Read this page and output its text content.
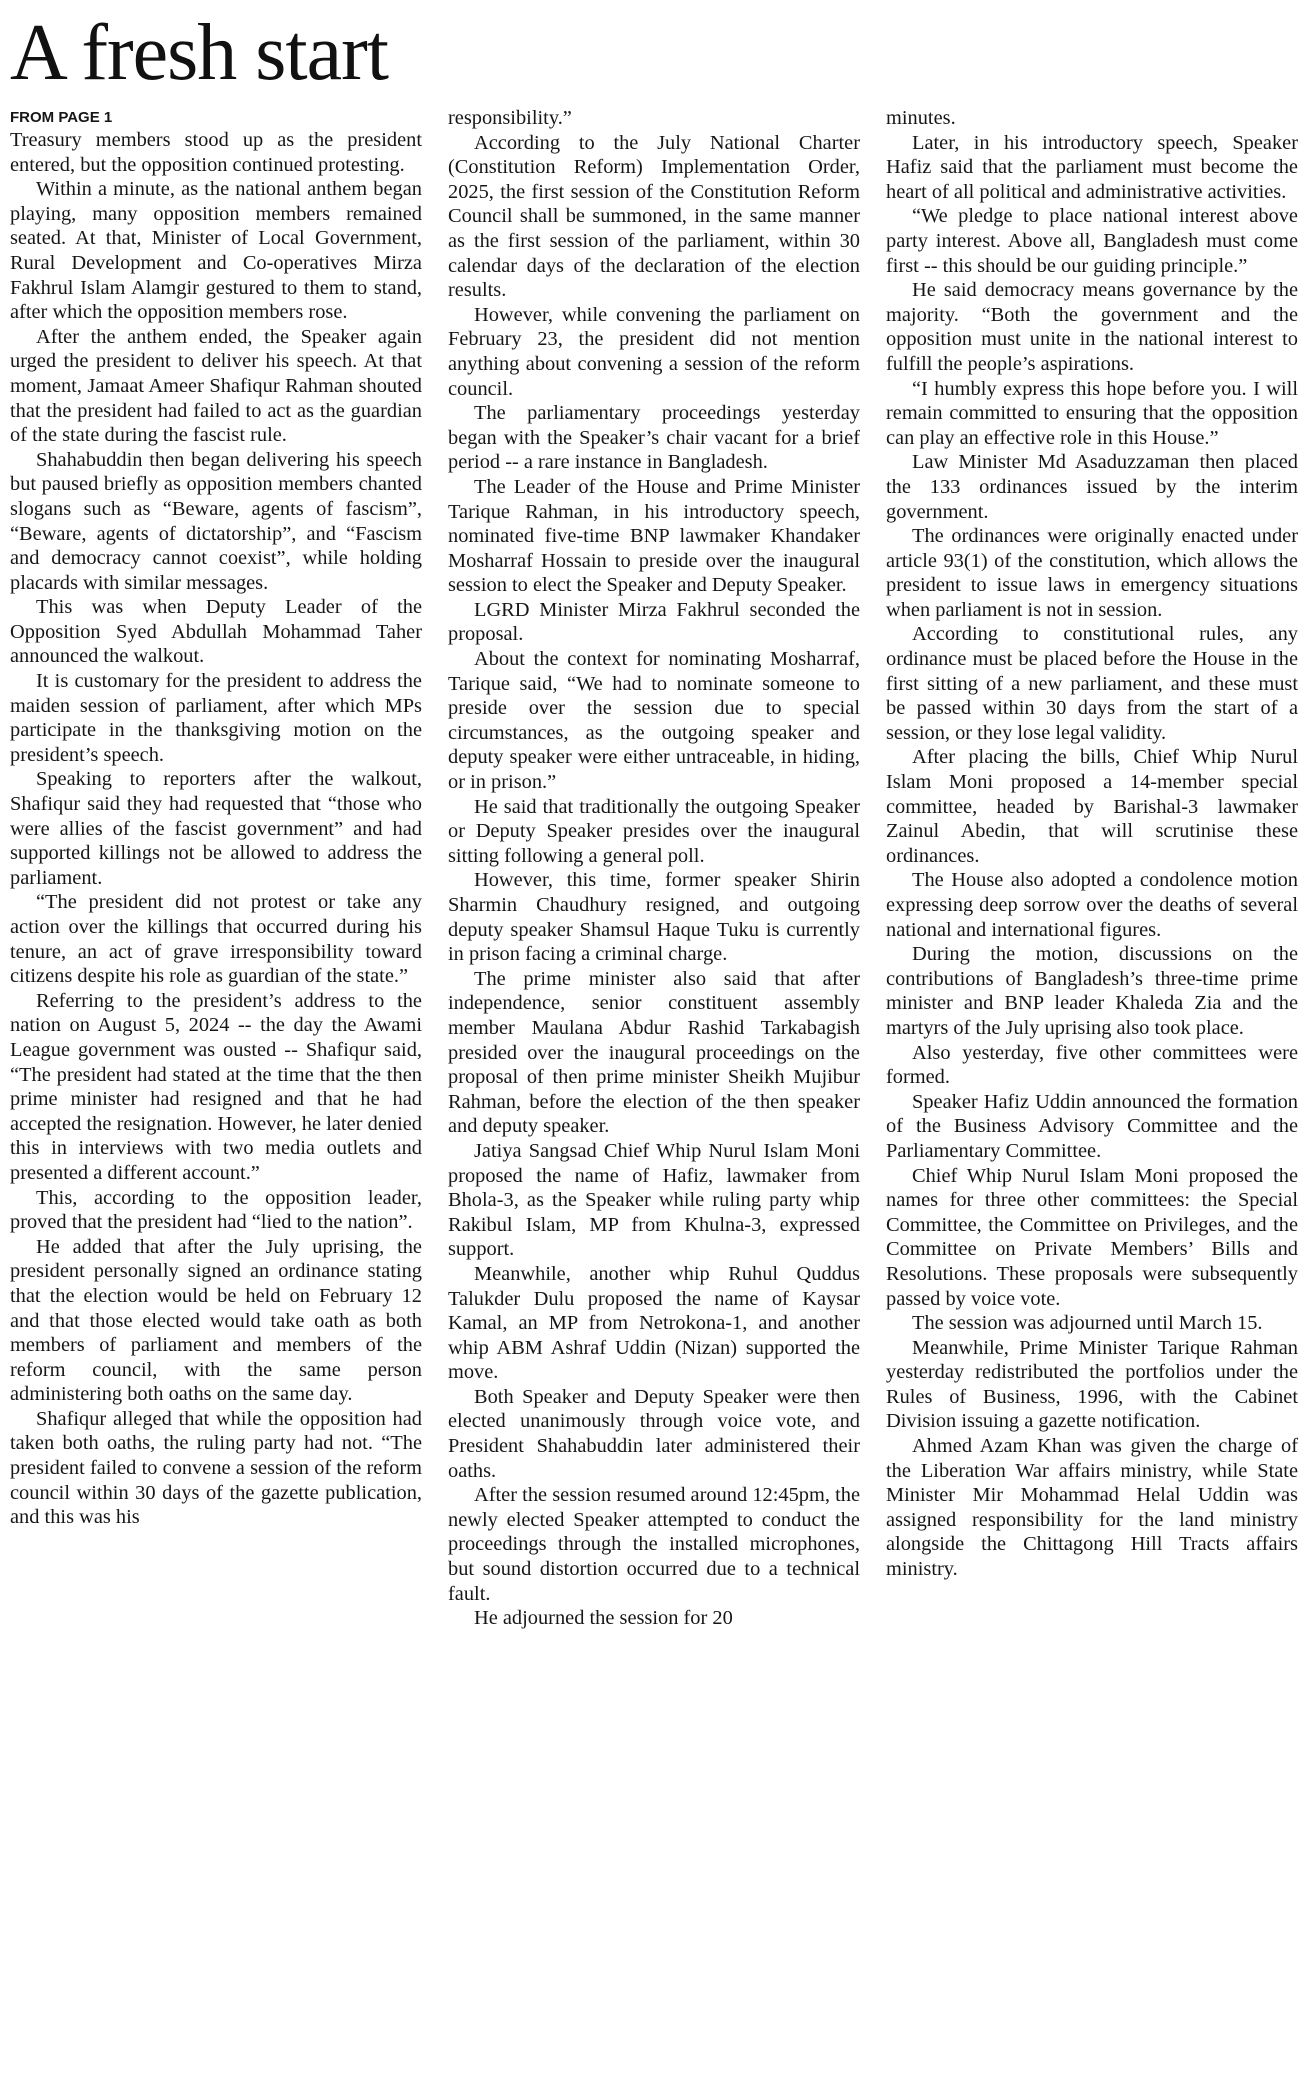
A fresh start
FROM PAGE 1

Treasury members stood up as the president entered, but the opposition continued protesting.

Within a minute, as the national anthem began playing, many opposition members remained seated. At that, Minister of Local Government, Rural Development and Co-operatives Mirza Fakhrul Islam Alamgir gestured to them to stand, after which the opposition members rose.

After the anthem ended, the Speaker again urged the president to deliver his speech. At that moment, Jamaat Ameer Shafiqur Rahman shouted that the president had failed to act as the guardian of the state during the fascist rule.

Shahabuddin then began delivering his speech but paused briefly as opposition members chanted slogans such as “Beware, agents of fascism”, “Beware, agents of dictatorship”, and “Fascism and democracy cannot coexist”, while holding placards with similar messages.

This was when Deputy Leader of the Opposition Syed Abdullah Mohammad Taher announced the walkout.

It is customary for the president to address the maiden session of parliament, after which MPs participate in the thanksgiving motion on the president’s speech.

Speaking to reporters after the walkout, Shafiqur said they had requested that “those who were allies of the fascist government” and had supported killings not be allowed to address the parliament.

“The president did not protest or take any action over the killings that occurred during his tenure, an act of grave irresponsibility toward citizens despite his role as guardian of the state.”

Referring to the president’s address to the nation on August 5, 2024 -- the day the Awami League government was ousted -- Shafiqur said, “The president had stated at the time that the then prime minister had resigned and that he had accepted the resignation. However, he later denied this in interviews with two media outlets and presented a different account.”

This, according to the opposition leader, proved that the president had “lied to the nation”.

He added that after the July uprising, the president personally signed an ordinance stating that the election would be held on February 12 and that those elected would take oath as both members of parliament and members of the reform council, with the same person administering both oaths on the same day.

Shafiqur alleged that while the opposition had taken both oaths, the ruling party had not. “The president failed to convene a session of the reform council within 30 days of the gazette publication, and this was his

responsibility.”

According to the July National Charter (Constitution Reform) Implementation Order, 2025, the first session of the Constitution Reform Council shall be summoned, in the same manner as the first session of the parliament, within 30 calendar days of the declaration of the election results.

However, while convening the parliament on February 23, the president did not mention anything about convening a session of the reform council.

The parliamentary proceedings yesterday began with the Speaker’s chair vacant for a brief period -- a rare instance in Bangladesh.

The Leader of the House and Prime Minister Tarique Rahman, in his introductory speech, nominated five-time BNP lawmaker Khandaker Mosharraf Hossain to preside over the inaugural session to elect the Speaker and Deputy Speaker.

LGRD Minister Mirza Fakhrul seconded the proposal.

About the context for nominating Mosharraf, Tarique said, “We had to nominate someone to preside over the session due to special circumstances, as the outgoing speaker and deputy speaker were either untraceable, in hiding, or in prison.”

He said that traditionally the outgoing Speaker or Deputy Speaker presides over the inaugural sitting following a general poll.

However, this time, former speaker Shirin Sharmin Chaudhury resigned, and outgoing deputy speaker Shamsul Haque Tuku is currently in prison facing a criminal charge.

The prime minister also said that after independence, senior constituent assembly member Maulana Abdur Rashid Tarkabagish presided over the inaugural proceedings on the proposal of then prime minister Sheikh Mujibur Rahman, before the election of the then speaker and deputy speaker.

Jatiya Sangsad Chief Whip Nurul Islam Moni proposed the name of Hafiz, lawmaker from Bhola-3, as the Speaker while ruling party whip Rakibul Islam, MP from Khulna-3, expressed support.

Meanwhile, another whip Ruhul Quddus Talukder Dulu proposed the name of Kaysar Kamal, an MP from Netrokona-1, and another whip ABM Ashraf Uddin (Nizan) supported the move.

Both Speaker and Deputy Speaker were then elected unanimously through voice vote, and President Shahabuddin later administered their oaths.

After the session resumed around 12:45pm, the newly elected Speaker attempted to conduct the proceedings through the installed microphones, but sound distortion occurred due to a technical fault.

He adjourned the session for 20

minutes.

Later, in his introductory speech, Speaker Hafiz said that the parliament must become the heart of all political and administrative activities.

“We pledge to place national interest above party interest. Above all, Bangladesh must come first -- this should be our guiding principle.”

He said democracy means governance by the majority. “Both the government and the opposition must unite in the national interest to fulfill the people’s aspirations.

“I humbly express this hope before you. I will remain committed to ensuring that the opposition can play an effective role in this House.”

Law Minister Md Asaduzzaman then placed the 133 ordinances issued by the interim government.

The ordinances were originally enacted under article 93(1) of the constitution, which allows the president to issue laws in emergency situations when parliament is not in session.

According to constitutional rules, any ordinance must be placed before the House in the first sitting of a new parliament, and these must be passed within 30 days from the start of a session, or they lose legal validity.

After placing the bills, Chief Whip Nurul Islam Moni proposed a 14-member special committee, headed by Barishal-3 lawmaker Zainul Abedin, that will scrutinise these ordinances.

The House also adopted a condolence motion expressing deep sorrow over the deaths of several national and international figures.

During the motion, discussions on the contributions of Bangladesh’s three-time prime minister and BNP leader Khaleda Zia and the martyrs of the July uprising also took place.

Also yesterday, five other committees were formed.

Speaker Hafiz Uddin announced the formation of the Business Advisory Committee and the Parliamentary Committee.

Chief Whip Nurul Islam Moni proposed the names for three other committees: the Special Committee, the Committee on Privileges, and the Committee on Private Members’ Bills and Resolutions. These proposals were subsequently passed by voice vote.

The session was adjourned until March 15.

Meanwhile, Prime Minister Tarique Rahman yesterday redistributed the portfolios under the Rules of Business, 1996, with the Cabinet Division issuing a gazette notification.

Ahmed Azam Khan was given the charge of the Liberation War affairs ministry, while State Minister Mir Mohammad Helal Uddin was assigned responsibility for the land ministry alongside the Chittagong Hill Tracts affairs ministry.
